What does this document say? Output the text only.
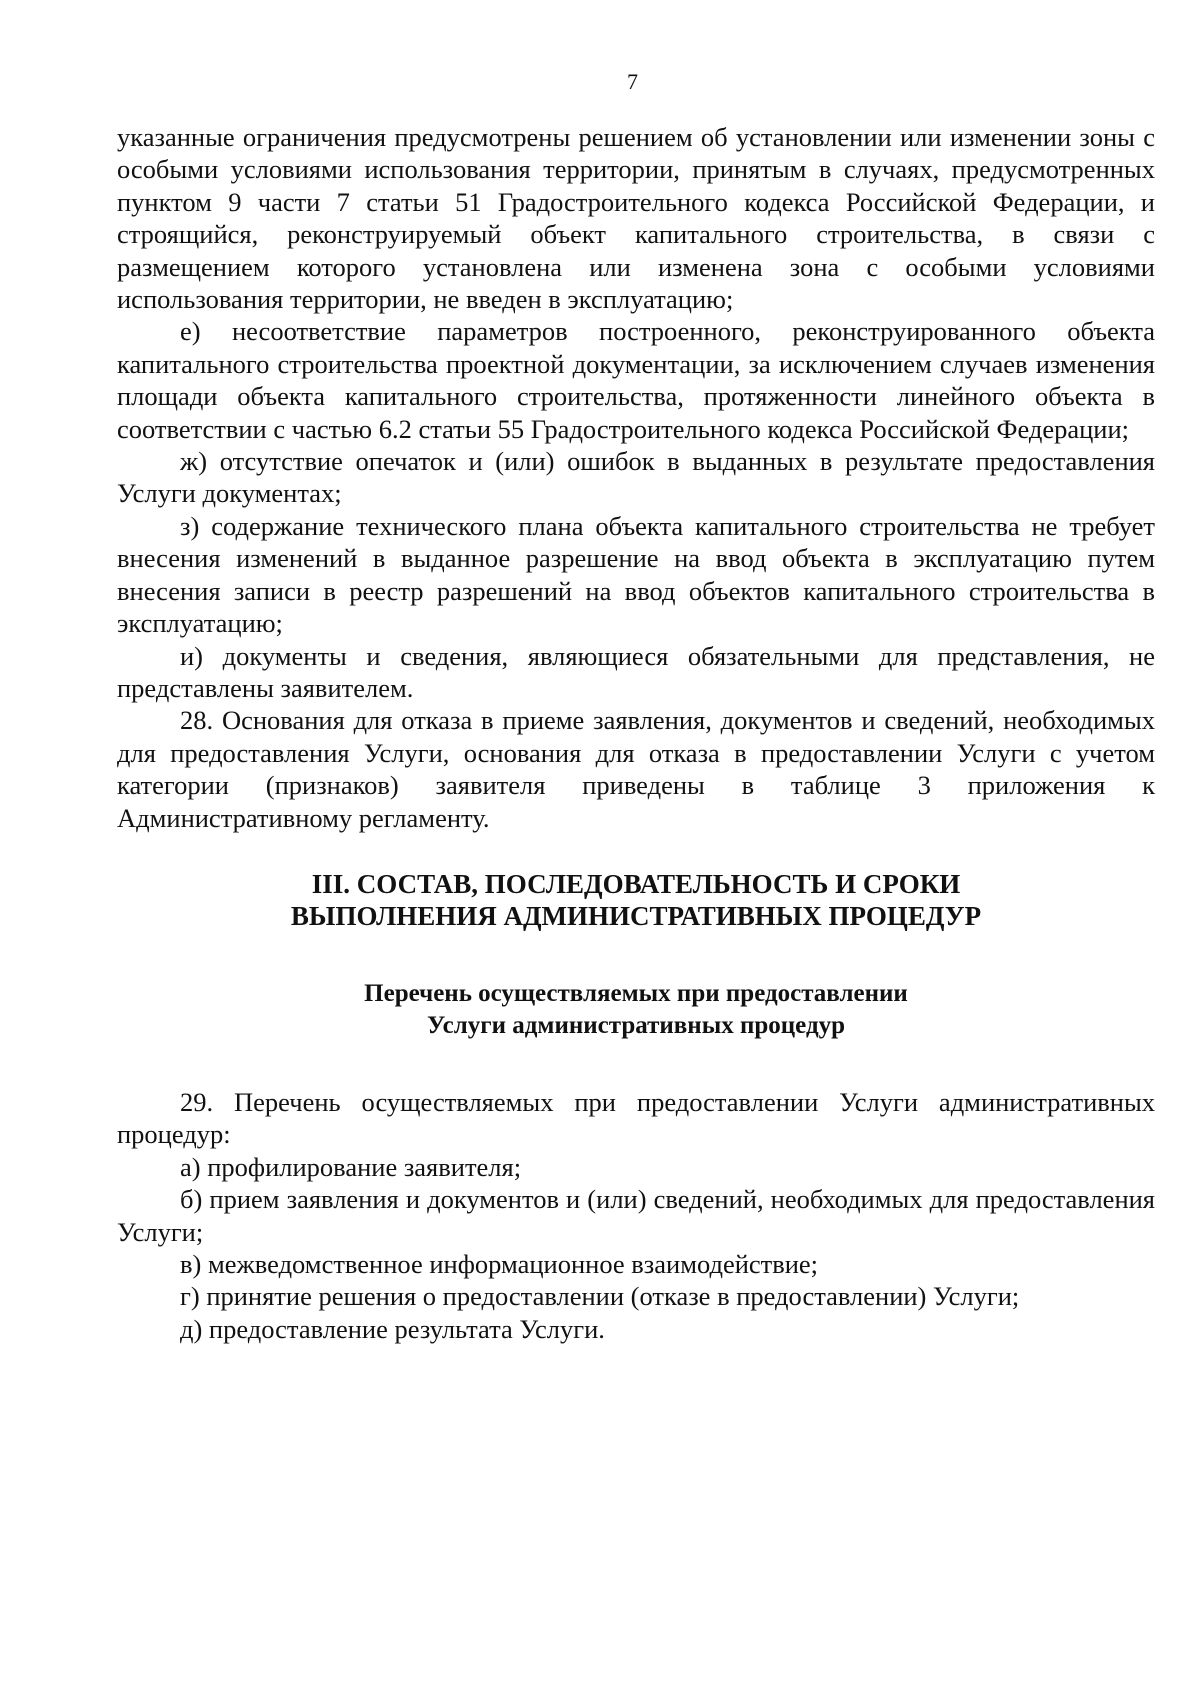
7

указанные ограничения предусмотрены решением об установлении или изменении зоны с особыми условиями использования территории, принятым в случаях, предусмотренных пунктом 9 части 7 статьи 51 Градостроительного кодекса Российской Федерации, и строящийся, реконструируемый объект капитального строительства, в связи с размещением которого установлена или изменена зона с особыми условиями использования территории, не введен в эксплуатацию;

е) несоответствие параметров построенного, реконструированного объекта капитального строительства проектной документации, за исключением случаев изменения площади объекта капитального строительства, протяженности линейного объекта в соответствии с частью 6.2 статьи 55 Градостроительного кодекса Российской Федерации;

ж) отсутствие опечаток и (или) ошибок в выданных в результате предоставления Услуги документах;

з) содержание технического плана объекта капитального строительства не требует внесения изменений в выданное разрешение на ввод объекта в эксплуатацию путем внесения записи в реестр разрешений на ввод объектов капитального строительства в эксплуатацию;

и) документы и сведения, являющиеся обязательными для представления, не представлены заявителем.

28. Основания для отказа в приеме заявления, документов и сведений, необходимых для предоставления Услуги, основания для отказа в предоставлении Услуги с учетом категории (признаков) заявителя приведены в таблице 3 приложения к Административному регламенту.

III. СОСТАВ, ПОСЛЕДОВАТЕЛЬНОСТЬ И СРОКИ
ВЫПОЛНЕНИЯ АДМИНИСТРАТИВНЫХ ПРОЦЕДУР
Перечень осуществляемых при предоставлении
Услуги административных процедур

29. Перечень осуществляемых при предоставлении Услуги административных процедур:

а) профилирование заявителя;

б) прием заявления и документов и (или) сведений, необходимых для предоставления Услуги;

в) межведомственное информационное взаимодействие;

г) принятие решения о предоставлении (отказе в предоставлении) Услуги;

д) предоставление результата Услуги.
